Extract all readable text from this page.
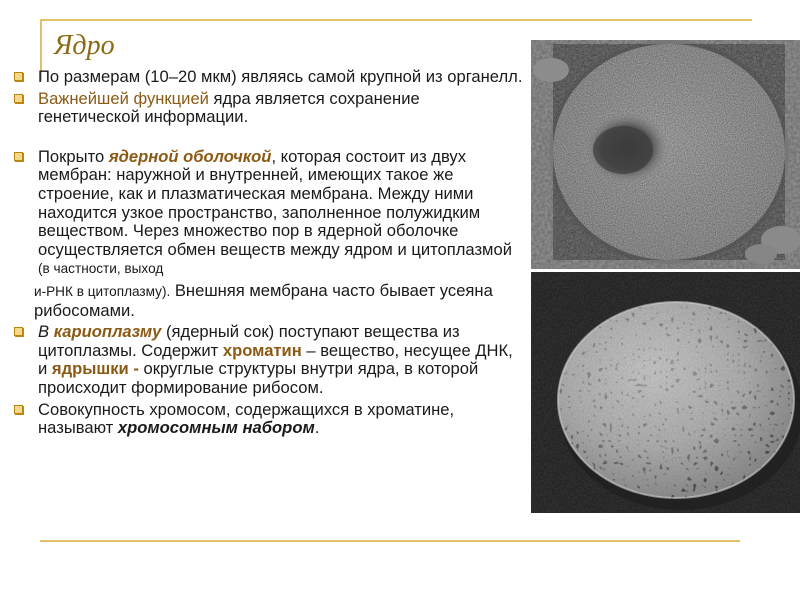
Ядро
По размерам (10–20 мкм) являясь самой крупной из органелл.
Важнейшей функцией ядра является сохранение генетической информации.
Покрыто ядерной оболочкой, которая состоит из двух мембран: наружной и внутренней, имеющих такое же строение, как и плазматическая мембрана. Между ними находится узкое пространство, заполненное полужидким веществом. Через множество пор в ядерной оболочке осуществляется обмен веществ между ядром и цитоплазмой (в частности, выход
и-РНК в цитоплазму). Внешняя мембрана часто бывает усеяна рибосомами.
В кариоплазму (ядерный сок) поступают вещества из цитоплазмы. Содержит хроматин – вещество, несущее ДНК, и ядрышки - округлые структуры внутри ядра, в которой происходит формирование рибосом.
Совокупность хромосом, содержащихся в хроматине, называют хромосомным набором.
